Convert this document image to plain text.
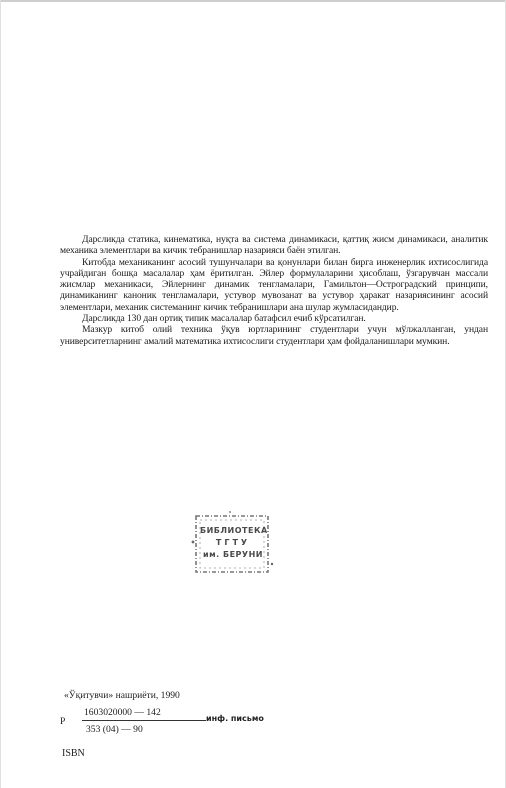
Дарсликда статика, кинематика, нуқта ва система динамикаси, қаттиқ жисм динамикаси, аналитик механика элементлари ва кичик тебранишлар назарияси баён этилган.

Китобда механиканинг асосий тушунчалари ва қонунлари билан бирга инженерлик ихтисослигида учрайдиган бошқа масалалар ҳам ёритилган. Эйлер формулаларини ҳисоблаш, ўзгарувчан массали жисмлар механикаси, Эйлернинг динамик тенгламалари, Гамильтон—Остроградский принципи, динамиканинг каноник тенгламалари, устувор мувозанат ва устувор ҳаракат назариясининг асосий элементлари, механик системанинг кичик тебранишлари ана шулар жумласидандир.

Дарсликда 130 дан ортиқ типик масалалар батафсил ечиб кўрсатилган.

Мазкур китоб олий техника ўқув юртларининг студентлари учун мўлжалланган, ундан университетларнинг амалий математика ихтисослиги студентлари ҳам фойдаланишлари мумкин.

БИБЛИОТЕКА
ТГТУ
им. БЕРУНИ
«Ўқитувчи» нашриёти, 1990
Р
1603020000 — 142
353 (04) — 90
инф. письмо
ISBN
